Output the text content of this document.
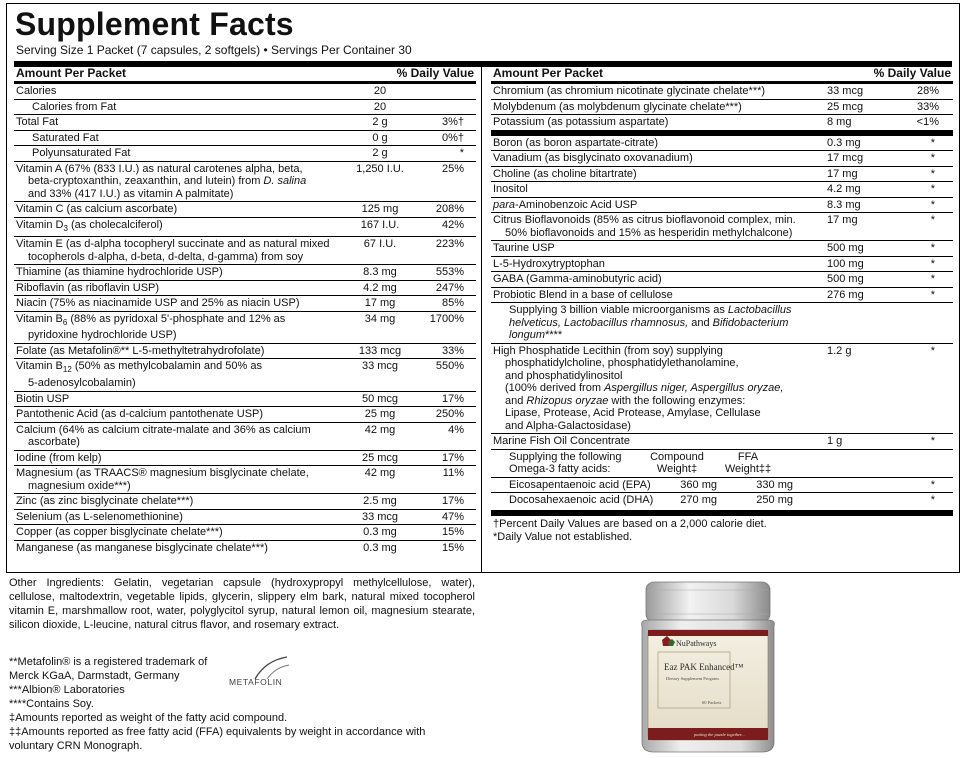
Supplement Facts
Serving Size 1 Packet (7 capsules, 2 softgels) • Servings Per Container 30
Amount Per Packet	% Daily Value
Calories	20
Calories from Fat	20
Total Fat	2 g	3%†
Saturated Fat	0 g	0%†
Polyunsaturated Fat	2 g	*
Vitamin A (67% (833 I.U.) as natural carotenes alpha, beta,
beta-cryptoxanthin, zeaxanthin, and lutein) from D. salina
and 33% (417 I.U.) as vitamin A palmitate)
1,250 I.U.	25%
Vitamin C (as calcium ascorbate)	125 mg	208%
Vitamin $D_3$ (as cholecalciferol)	167 I.U.	42%
Vitamin E (as d-alpha tocopheryl succinate and as natural mixed
tocopherols d-alpha, d-beta, d-delta, d-gamma) from soy
67 I.U.	223%
Thiamine (as thiamine hydrochloride USP)	8.3 mg	553%
Riboflavin (as riboflavin USP)	4.2 mg	247%
Niacin (75% as niacinamide USP and 25% as niacin USP)	17 mg	85%
Vitamin $B_6$ (88% as pyridoxal 5'-phosphate and 12% as
pyridoxine hydrochloride USP)
34 mg	1700%
Folate (as Metafolin®** L-5-methyltetrahydrofolate)	133 mcg	33%
Vitamin $B_{12}$ (50% as methylcobalamin and 50% as
5-adenosylcobalamin)
33 mcg	550%
Biotin USP	50 mcg	17%
Pantothenic Acid (as d-calcium pantothenate USP)	25 mg	250%
Calcium (64% as calcium citrate-malate and 36% as calcium
ascorbate)
42 mg	4%
Iodine (from kelp)	25 mcg	17%
Magnesium (as TRAACS® magnesium bisglycinate chelate,
magnesium oxide***)
42 mg	11%
Zinc (as zinc bisglycinate chelate***)	2.5 mg	17%
Selenium (as L-selenomethionine)	33 mcg	47%
Copper (as copper bisglycinate chelate***)	0.3 mg	15%
Manganese (as manganese bisglycinate chelate***)	0.3 mg	15%
Amount Per Packet	% Daily Value
Chromium (as chromium nicotinate glycinate chelate***)	33 mcg	28%
Molybdenum (as molybdenum glycinate chelate***)	25 mcg	33%
Potassium (as potassium aspartate)	8 mg	<1%
Boron (as boron aspartate-citrate)	0.3 mg	*
Vanadium (as bisglycinato oxovanadium)	17 mcg	*
Choline (as choline bitartrate)	17 mg	*
Inositol	4.2 mg	*
para-Aminobenzoic Acid USP	8.3 mg	*
Citrus Bioflavonoids (85% as citrus bioflavonoid complex, min.
50% bioflavonoids and 15% as hesperidin methylchalcone)
17 mg	*
Taurine USP	500 mg	*
L-5-Hydroxytryptophan	100 mg	*
GABA (Gamma-aminobutyric acid)	500 mg	*
Probiotic Blend in a base of cellulose	276 mg	*
Supplying 3 billion viable microorganisms as Lactobacillus
helveticus, Lactobacillus rhamnosus, and Bifidobacterium
longum****
High Phosphatide Lecithin (from soy) supplying
phosphatidylcholine, phosphatidylethanolamine,
and phosphatidylinositol
(100% derived from Aspergillus niger, Aspergillus oryzae,
and Rhizopus oryzae with the following enzymes:
Lipase, Protease, Acid Protease, Amylase, Cellulase
and Alpha-Galactosidase)
1.2 g	*
Marine Fish Oil Concentrate	1 g	*
Supplying the following	Compound	FFA
Omega-3 fatty acids:	Weight‡	Weight‡‡
Eicosapentaenoic acid (EPA)	360 mg	330 mg	*
Docosahexaenoic acid (DHA)	270 mg	250 mg	*
†Percent Daily Values are based on a 2,000 calorie diet.
*Daily Value not established.
Other Ingredients: Gelatin, vegetarian capsule (hydroxypropyl methylcellulose, water), cellulose, maltodextrin, vegetable lipids, glycerin, slippery elm bark, natural mixed tocopherol vitamin E, marshmallow root, water, polyglycitol syrup, natural lemon oil, magnesium stearate, silicon dioxide, L-leucine, natural citrus flavor, and rosemary extract.
**Metafolin® is a registered trademark of
Merck KGaA, Darmstadt, Germany
***Albion® Laboratories
****Contains Soy.
‡Amounts reported as weight of the fatty acid compound.
‡‡Amounts reported as free fatty acid (FFA) equivalents by weight in accordance with
voluntary CRN Monograph.
METAFOLIN
NuPathways
Eaz PAK Enhanced™
Dietary Supplement Program
60 Packets
putting the puzzle together...
